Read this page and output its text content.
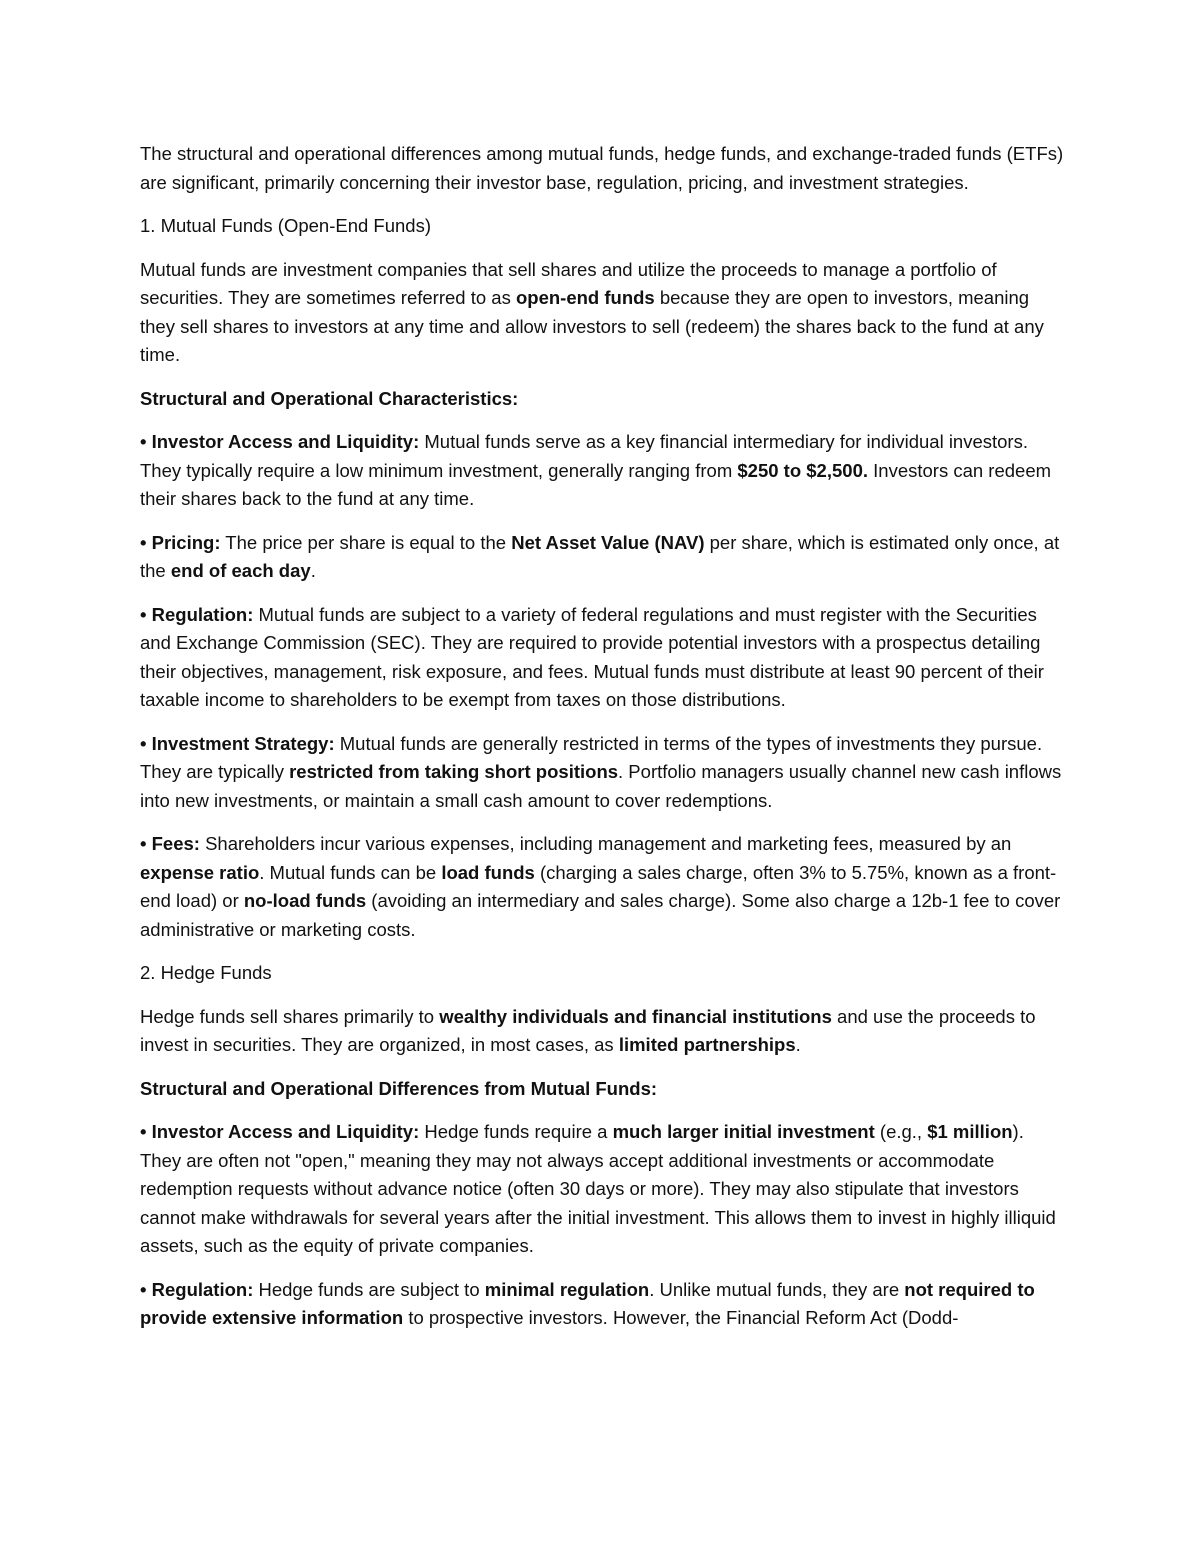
The structural and operational differences among mutual funds, hedge funds, and exchange-traded funds (ETFs) are significant, primarily concerning their investor base, regulation, pricing, and investment strategies.

1. Mutual Funds (Open-End Funds)

Mutual funds are investment companies that sell shares and utilize the proceeds to manage a portfolio of securities. They are sometimes referred to as open-end funds because they are open to investors, meaning they sell shares to investors at any time and allow investors to sell (redeem) the shares back to the fund at any time.

Structural and Operational Characteristics:

• Investor Access and Liquidity: Mutual funds serve as a key financial intermediary for individual investors. They typically require a low minimum investment, generally ranging from $250 to $2,500. Investors can redeem their shares back to the fund at any time.

• Pricing: The price per share is equal to the Net Asset Value (NAV) per share, which is estimated only once, at the end of each day.

• Regulation: Mutual funds are subject to a variety of federal regulations and must register with the Securities and Exchange Commission (SEC). They are required to provide potential investors with a prospectus detailing their objectives, management, risk exposure, and fees. Mutual funds must distribute at least 90 percent of their taxable income to shareholders to be exempt from taxes on those distributions.

• Investment Strategy: Mutual funds are generally restricted in terms of the types of investments they pursue. They are typically restricted from taking short positions. Portfolio managers usually channel new cash inflows into new investments, or maintain a small cash amount to cover redemptions.

• Fees: Shareholders incur various expenses, including management and marketing fees, measured by an expense ratio. Mutual funds can be load funds (charging a sales charge, often 3% to 5.75%, known as a front-end load) or no-load funds (avoiding an intermediary and sales charge). Some also charge a 12b-1 fee to cover administrative or marketing costs.

2. Hedge Funds

Hedge funds sell shares primarily to wealthy individuals and financial institutions and use the proceeds to invest in securities. They are organized, in most cases, as limited partnerships.

Structural and Operational Differences from Mutual Funds:

• Investor Access and Liquidity: Hedge funds require a much larger initial investment (e.g., $1 million). They are often not "open," meaning they may not always accept additional investments or accommodate redemption requests without advance notice (often 30 days or more). They may also stipulate that investors cannot make withdrawals for several years after the initial investment. This allows them to invest in highly illiquid assets, such as the equity of private companies.

• Regulation: Hedge funds are subject to minimal regulation. Unlike mutual funds, they are not required to provide extensive information to prospective investors. However, the Financial Reform Act (Dodd-
